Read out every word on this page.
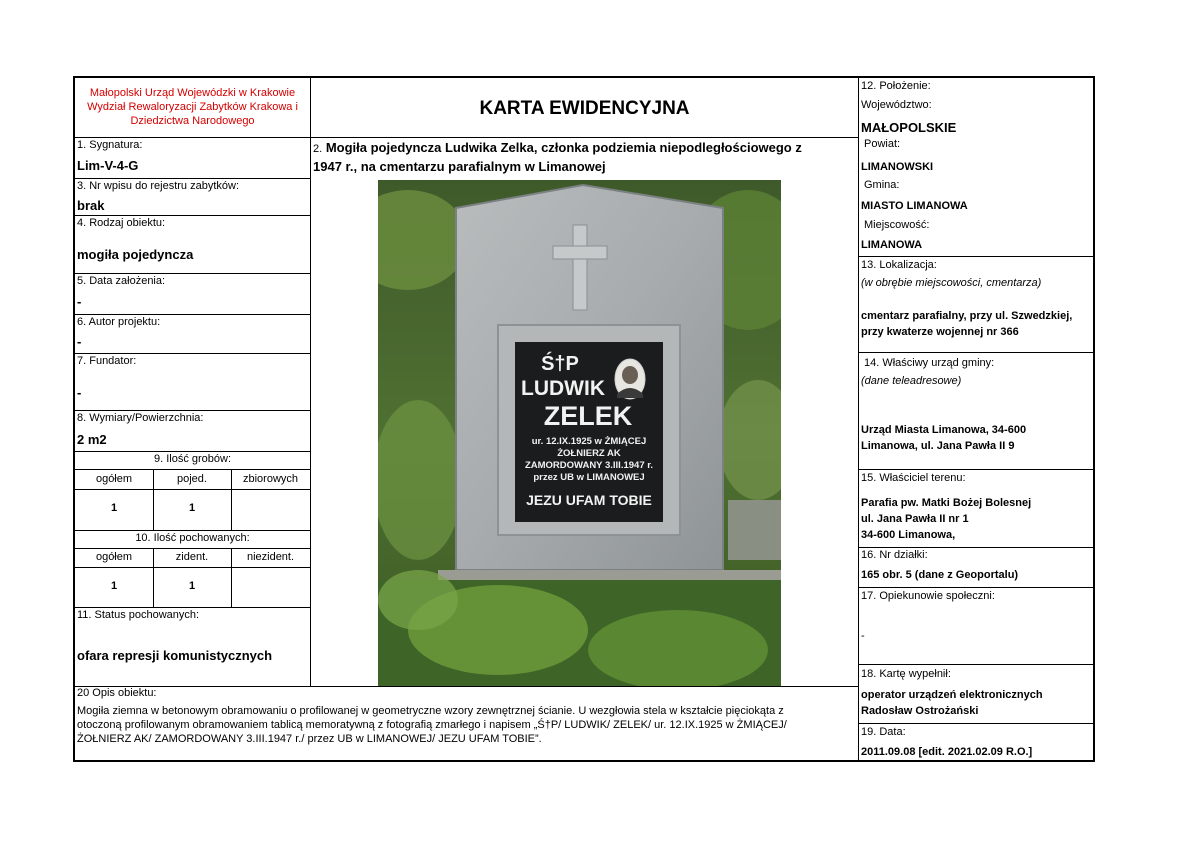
Małopolski Urząd Wojewódzki w Krakowie
Wydział Rewaloryzacji Zabytków Krakowa i
Dziedzictwa Narodowego
KARTA EWIDENCYJNA
1. Sygnatura:
Lim-V-4-G
3. Nr wpisu do rejestru zabytków:
brak
4. Rodzaj obiektu:
mogiła pojedyncza
5. Data założenia:
-
6. Autor projektu:
-
7. Fundator:
-
8. Wymiary/Powierzchnia:
2 m2
9. Ilość grobów:
ogółem	pojed.	zbiorowych
1	1
10. Ilość pochowanych:
ogółem	zident.	niezident.
1	1
11. Status pochowanych:
ofara represji komunistycznych
2. Mogiła pojedyncza Ludwika Zelka, członka podziemia niepodległościowego z
1947 r., na cmentarzu parafialnym w Limanowej
Ś†P
LUDWIK
ZELEK
ur. 12.IX.1925 w ŻMIĄCEJ
ŻOŁNIERZ AK
ZAMORDOWANY 3.III.1947 r.
przez UB w LIMANOWEJ
JEZU UFAM TOBIE
12. Położenie:
Województwo:
MAŁOPOLSKIE
Powiat:
LIMANOWSKI
Gmina:
MIASTO LIMANOWA
Miejscowość:
LIMANOWA
13. Lokalizacja:
(w obrębie miejscowości, cmentarza)
cmentarz parafialny, przy ul. Szwedzkiej,
przy kwaterze wojennej nr 366
14. Właściwy urząd gminy:
(dane teleadresowe)
Urząd Miasta Limanowa, 34-600
Limanowa, ul. Jana Pawła II 9
15. Właściciel terenu:
Parafia pw. Matki Bożej Bolesnej
ul. Jana Pawła II nr 1
34-600 Limanowa,
16. Nr działki:
165 obr. 5 (dane z Geoportalu)
17. Opiekunowie społeczni:
-
18. Kartę wypełnił:
operator urządzeń elektronicznych
Radosław Ostrożański
19. Data:
2011.09.08 [edit. 2021.02.09 R.O.]
20 Opis obiektu:
Mogiła ziemna w betonowym obramowaniu o profilowanej w geometryczne wzory zewnętrznej ścianie. U wezgłowia stela w kształcie pięciokąta z
otoczoną profilowanym obramowaniem tablicą memoratywną z fotografią zmarłego i napisem „Ś†P/ LUDWIK/ ZELEK/ ur. 12.IX.1925 w ŻMIĄCEJ/
ŻOŁNIERZ AK/ ZAMORDOWANY 3.III.1947 r./ przez UB w LIMANOWEJ/ JEZU UFAM TOBIE”.
